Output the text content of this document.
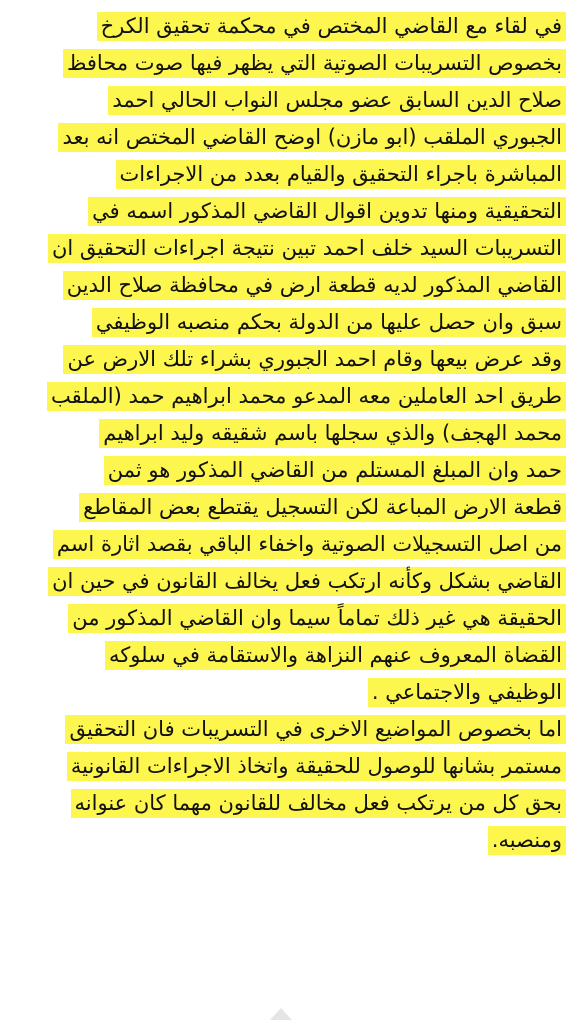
في لقاء مع القاضي المختص في محكمة تحقيق الكرخ
بخصوص التسريبات الصوتية التي يظهر فيها صوت محافظ
صلاح الدين السابق عضو مجلس النواب الحالي احمد
الجبوري الملقب (ابو مازن) اوضح القاضي المختص انه بعد
المباشرة باجراء التحقيق والقيام بعدد من الاجراءات
التحقيقية ومنها تدوين اقوال القاضي المذكور اسمه في
التسريبات السيد خلف احمد تبين نتيجة اجراءات التحقيق ان
القاضي المذكور لديه قطعة ارض في محافظة صلاح الدين
سبق وان حصل عليها من الدولة بحكم منصبه الوظيفي
وقد عرض بيعها وقام احمد الجبوري بشراء تلك الارض عن
طريق احد العاملين معه المدعو محمد ابراهيم حمد (الملقب
محمد الهجف) والذي سجلها باسم شقيقه وليد ابراهيم
حمد وان المبلغ المستلم من القاضي المذكور هو ثمن
قطعة الارض المباعة لكن التسجيل يقتطع بعض المقاطع
من اصل التسجيلات الصوتية واخفاء الباقي بقصد اثارة اسم
القاضي بشكل وكأنه ارتكب فعل يخالف القانون في حين ان
الحقيقة هي غير ذلك تماماً سيما وان القاضي المذكور من
القضاة المعروف عنهم النزاهة والاستقامة في سلوكه
الوظيفي والاجتماعي .
اما بخصوص المواضيع الاخرى في التسريبات فان التحقيق
مستمر بشانها للوصول للحقيقة واتخاذ الاجراءات القانونية
بحق كل من يرتكب فعل مخالف للقانون مهما كان عنوانه
ومنصبه.
